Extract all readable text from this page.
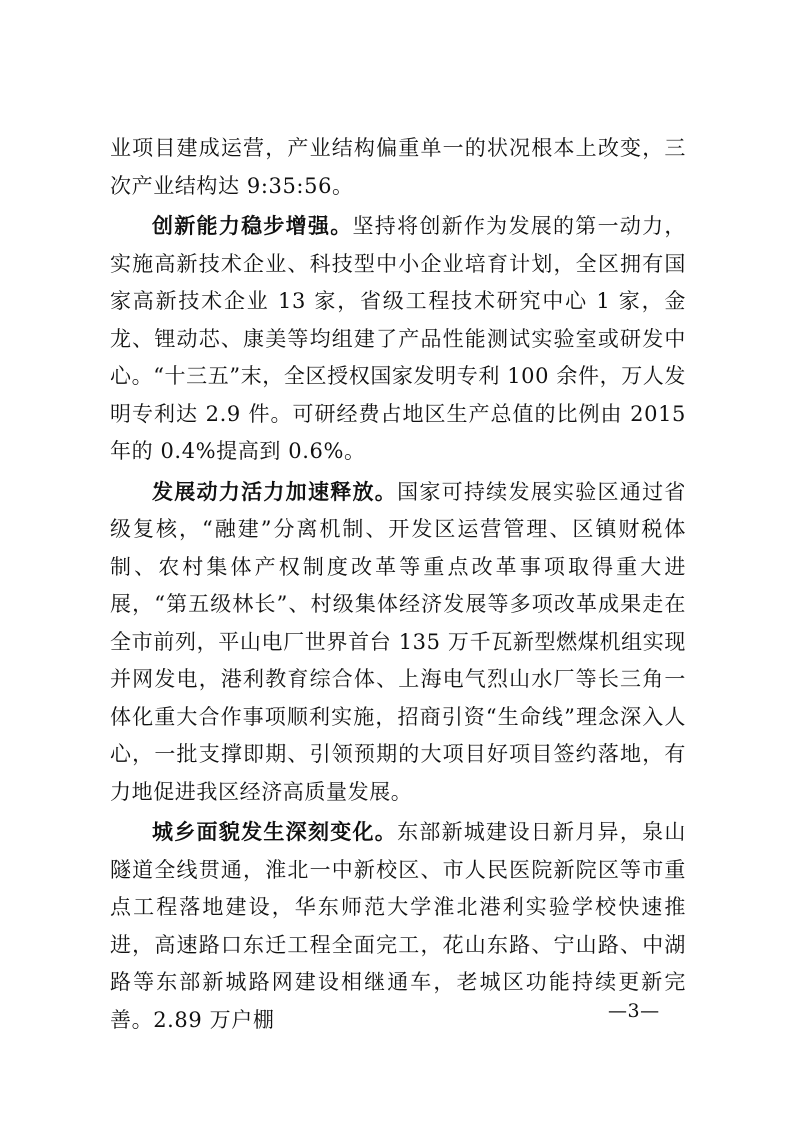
业项目建成运营，产业结构偏重单一的状况根本上改变，三次产业结构达 9:35:56。

创新能力稳步增强。坚持将创新作为发展的第一动力，实施高新技术企业、科技型中小企业培育计划，全区拥有国家高新技术企业 13 家，省级工程技术研究中心 1 家，金龙、锂动芯、康美等均组建了产品性能测试实验室或研发中心。“十三五”末，全区授权国家发明专利 100 余件，万人发明专利达 2.9 件。可研经费占地区生产总值的比例由 2015 年的 0.4%提高到 0.6%。

发展动力活力加速释放。国家可持续发展实验区通过省级复核，“融建”分离机制、开发区运营管理、区镇财税体制、农村集体产权制度改革等重点改革事项取得重大进展，“第五级林长”、村级集体经济发展等多项改革成果走在全市前列，平山电厂世界首台 135 万千瓦新型燃煤机组实现并网发电，港利教育综合体、上海电气烈山水厂等长三角一体化重大合作事项顺利实施，招商引资“生命线”理念深入人心，一批支撑即期、引领预期的大项目好项目签约落地，有力地促进我区经济高质量发展。

城乡面貌发生深刻变化。东部新城建设日新月异，泉山隧道全线贯通，淮北一中新校区、市人民医院新院区等市重点工程落地建设，华东师范大学淮北港利实验学校快速推进，高速路口东迁工程全面完工，花山东路、宁山路、中湖路等东部新城路网建设相继通车，老城区功能持续更新完善。2.89 万户棚	—3—
